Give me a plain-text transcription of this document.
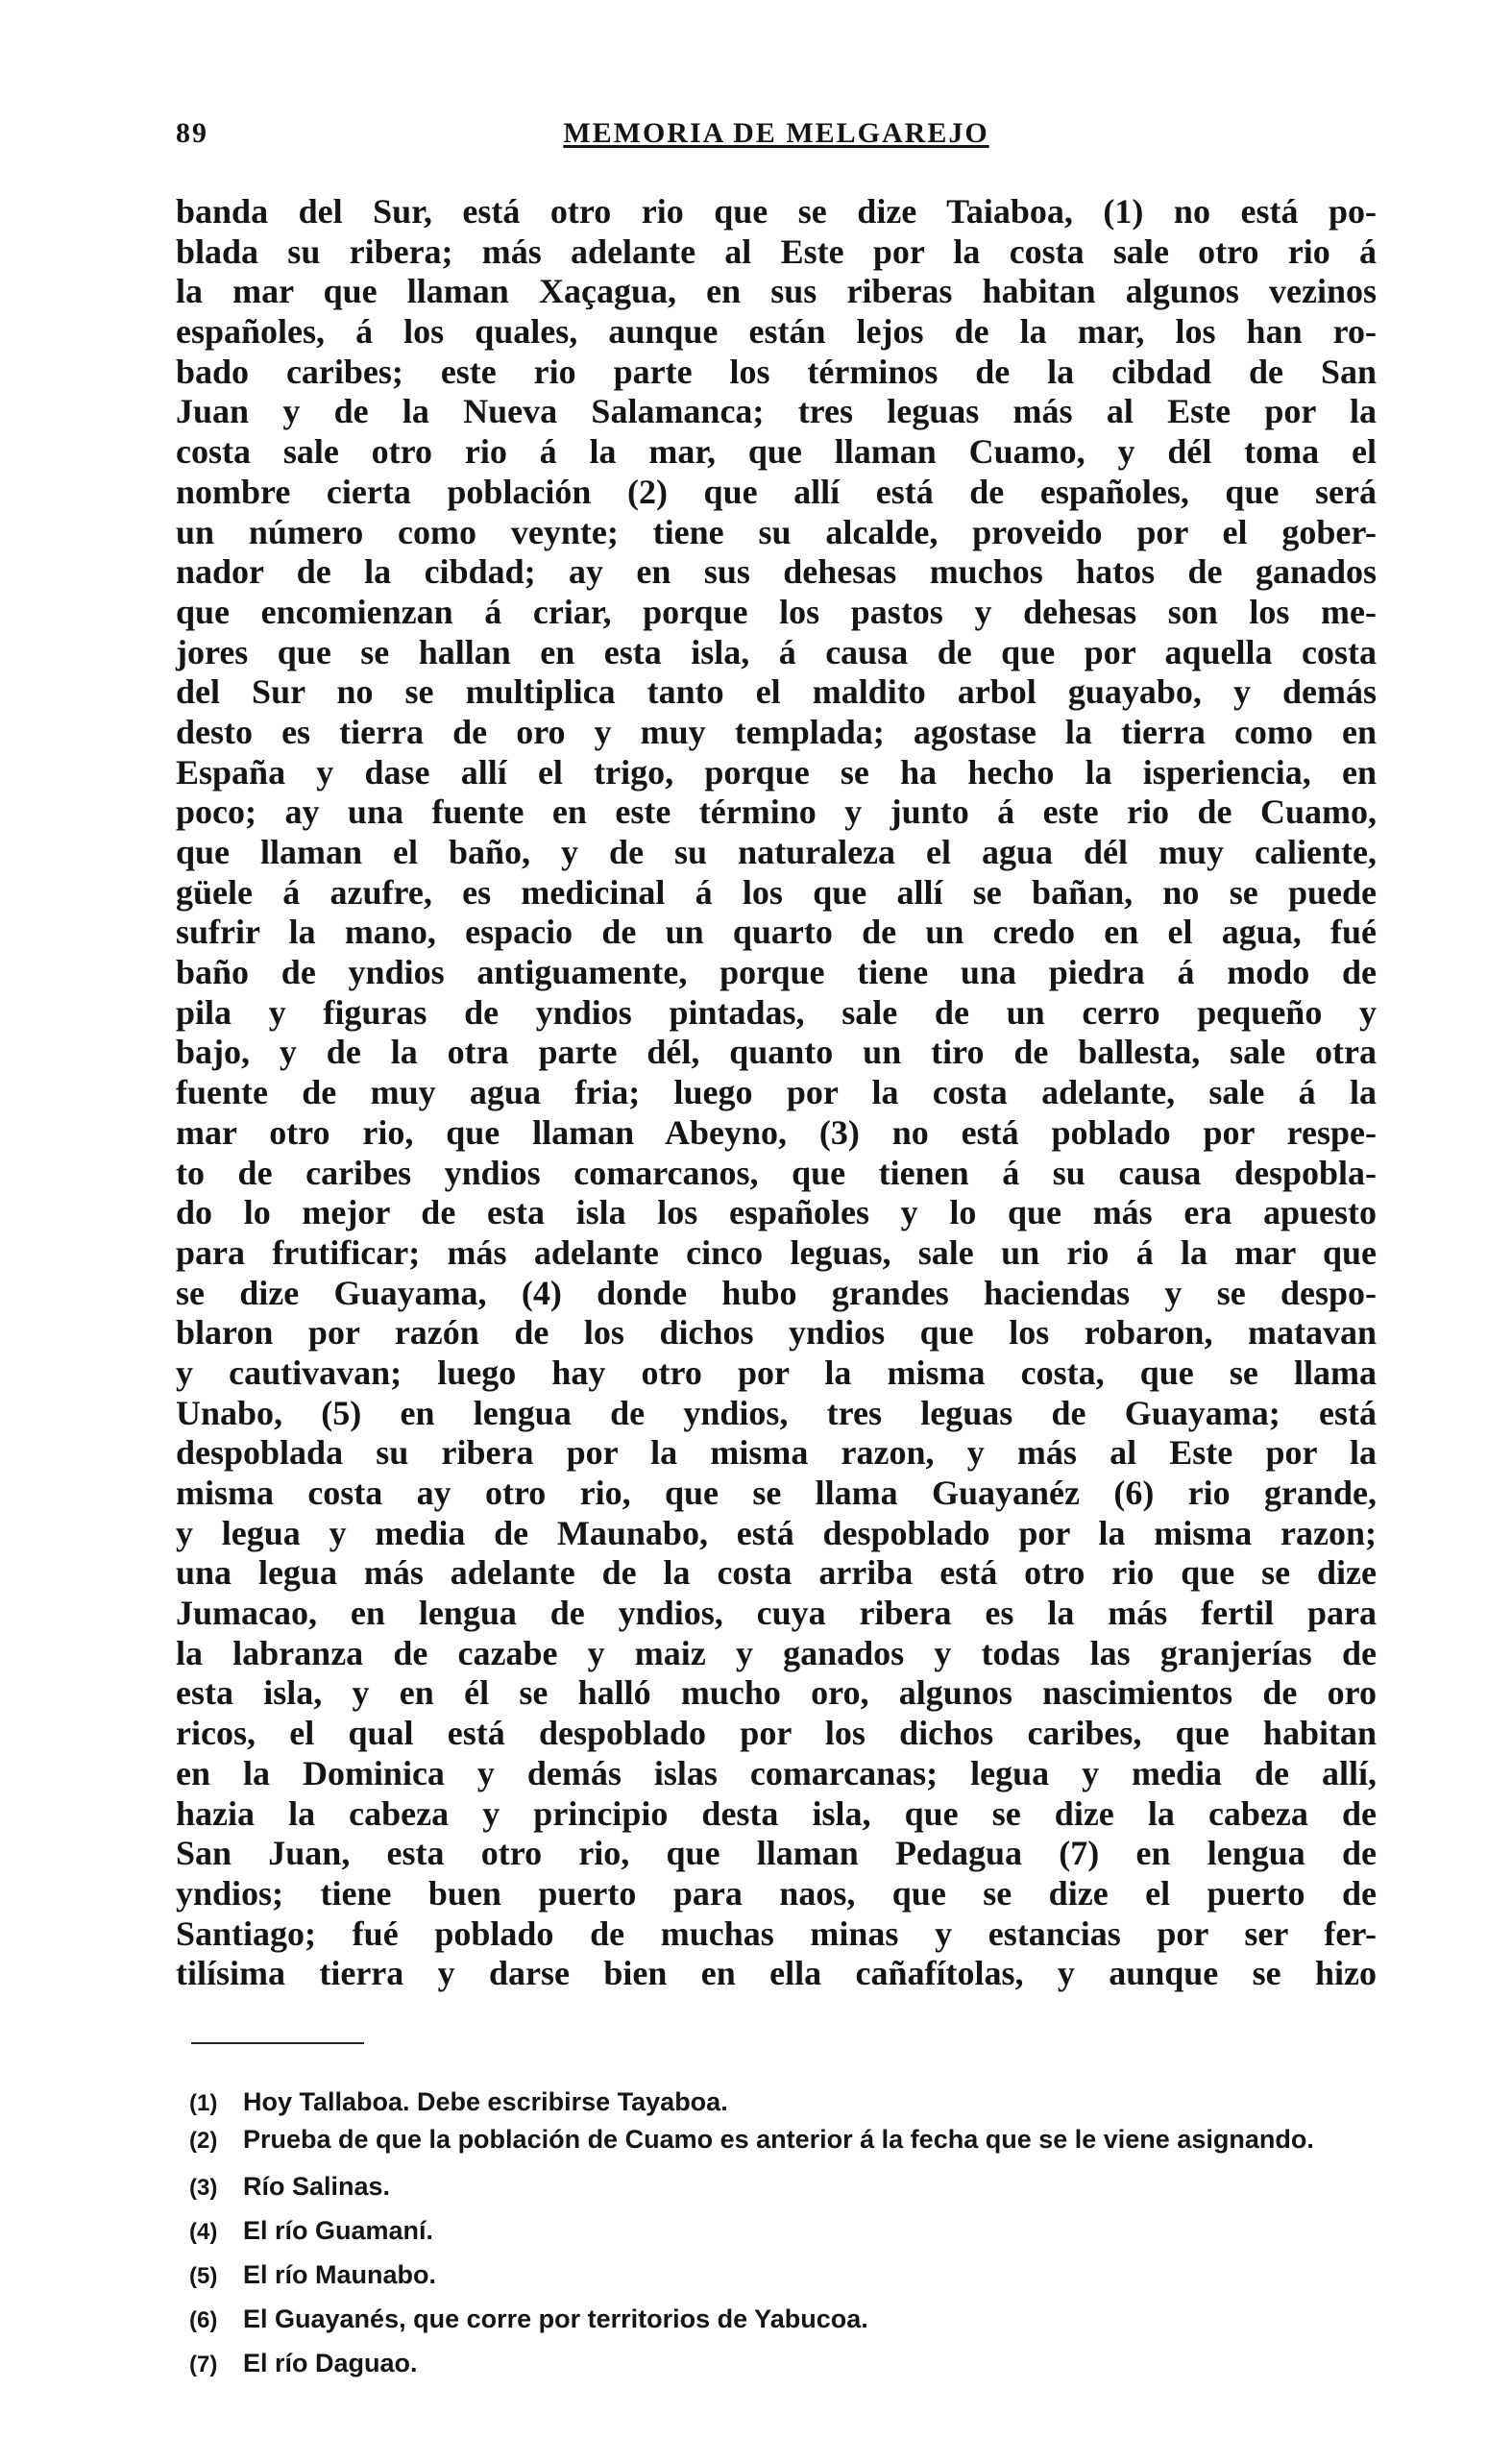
89	MEMORIA DE MELGAREJO
banda del Sur, está otro rio que se dize Taiaboa, (1) no está po-
blada su ribera; más adelante al Este por la costa sale otro rio á
la mar que llaman Xaçagua, en sus riberas habitan algunos vezinos
españoles, á los quales, aunque están lejos de la mar, los han ro-
bado caribes; este rio parte los términos de la cibdad de San
Juan y de la Nueva Salamanca; tres leguas más al Este por la
costa sale otro rio á la mar, que llaman Cuamo, y dél toma el
nombre cierta población (2) que allí está de españoles, que será
un número como veynte; tiene su alcalde, proveido por el gober-
nador de la cibdad; ay en sus dehesas muchos hatos de ganados
que encomienzan á criar, porque los pastos y dehesas son los me-
jores que se hallan en esta isla, á causa de que por aquella costa
del Sur no se multiplica tanto el maldito arbol guayabo, y demás
desto es tierra de oro y muy templada; agostase la tierra como en
España y dase allí el trigo, porque se ha hecho la isperiencia, en
poco; ay una fuente en este término y junto á este rio de Cuamo,
que llaman el baño, y de su naturaleza el agua dél muy caliente,
güele á azufre, es medicinal á los que allí se bañan, no se puede
sufrir la mano, espacio de un quarto de un credo en el agua, fué
baño de yndios antiguamente, porque tiene una piedra á modo de
pila y figuras de yndios pintadas, sale de un cerro pequeño y
bajo, y de la otra parte dél, quanto un tiro de ballesta, sale otra
fuente de muy agua fria; luego por la costa adelante, sale á la
mar otro rio, que llaman Abeyno, (3) no está poblado por respe-
to de caribes yndios comarcanos, que tienen á su causa despobla-
do lo mejor de esta isla los españoles y lo que más era apuesto
para frutificar; más adelante cinco leguas, sale un rio á la mar que
se dize Guayama, (4) donde hubo grandes haciendas y se despo-
blaron por razón de los dichos yndios que los robaron, matavan
y cautivavan; luego hay otro por la misma costa, que se llama
Unabo, (5) en lengua de yndios, tres leguas de Guayama; está
despoblada su ribera por la misma razon, y más al Este por la
misma costa ay otro rio, que se llama Guayanéz (6) rio grande,
y legua y media de Maunabo, está despoblado por la misma razon;
una legua más adelante de la costa arriba está otro rio que se dize
Jumacao, en lengua de yndios, cuya ribera es la más fertil para
la labranza de cazabe y maiz y ganados y todas las granjerías de
esta isla, y en él se halló mucho oro, algunos nascimientos de oro
ricos, el qual está despoblado por los dichos caribes, que habitan
en la Dominica y demás islas comarcanas; legua y media de allí,
hazia la cabeza y principio desta isla, que se dize la cabeza de
San Juan, esta otro rio, que llaman Pedagua (7) en lengua de
yndios; tiene buen puerto para naos, que se dize el puerto de
Santiago; fué poblado de muchas minas y estancias por ser fer-
tilísima tierra y darse bien en ella cañafítolas, y aunque se hizo
(1) Hoy Tallaboa. Debe escribirse Tayaboa.
(2) Prueba de que la población de Cuamo es anterior á la fecha que se le viene asignando.
(3) Río Salinas.
(4) El río Guamaní.
(5) El río Maunabo.
(6) El Guayanés, que corre por territorios de Yabucoa.
(7) El río Daguao.
